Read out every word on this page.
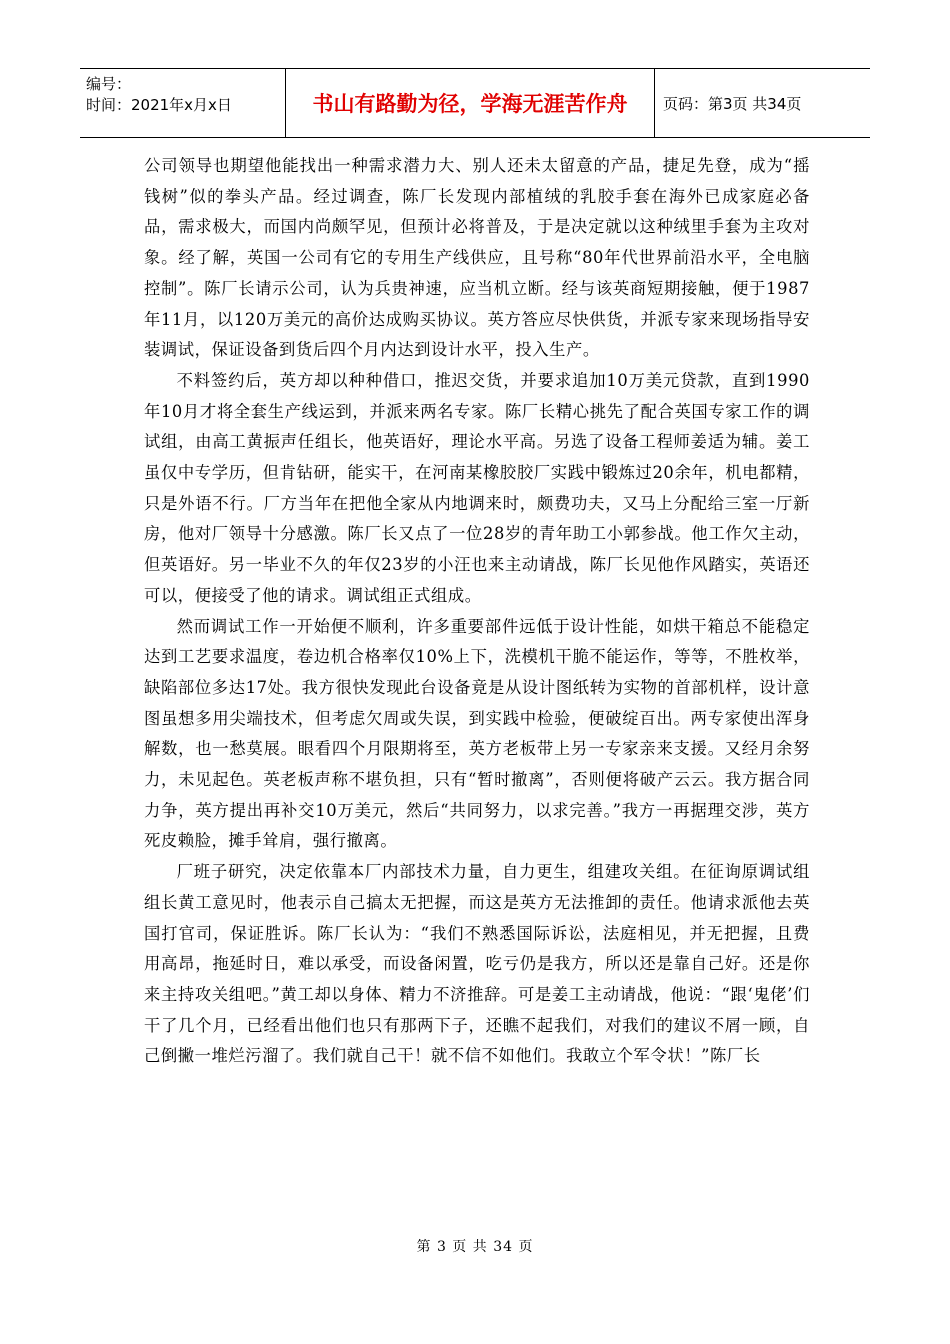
编号：
时间：2021年x月x日	书山有路勤为径，学海无涯苦作舟	页码：第3页 共34页

公司领导也期望他能找出一种需求潜力大、别人还未太留意的产品，捷足先登，成为“摇钱树”似的拳头产品。经过调查，陈厂长发现内部植绒的乳胶手套在海外已成家庭必备品，需求极大，而国内尚颇罕见，但预计必将普及，于是决定就以这种绒里手套为主攻对象。经了解，英国一公司有它的专用生产线供应，且号称“80年代世界前沿水平，全电脑控制”。陈厂长请示公司，认为兵贵神速，应当机立断。经与该英商短期接触，便于1987年11月，以120万美元的高价达成购买协议。英方答应尽快供货，并派专家来现场指导安装调试，保证设备到货后四个月内达到设计水平，投入生产。

不料签约后，英方却以种种借口，推迟交货，并要求追加10万美元贷款，直到1990年10月才将全套生产线运到，并派来两名专家。陈厂长精心挑先了配合英国专家工作的调试组，由高工黄振声任组长，他英语好，理论水平高。另选了设备工程师姜适为辅。姜工虽仅中专学历，但肯钻研，能实干，在河南某橡胶胶厂实践中锻炼过20余年，机电都精，只是外语不行。厂方当年在把他全家从内地调来时，颇费功夫，又马上分配给三室一厅新房，他对厂领导十分感激。陈厂长又点了一位28岁的青年助工小郭参战。他工作欠主动，但英语好。另一毕业不久的年仅23岁的小汪也来主动请战，陈厂长见他作风踏实，英语还可以，便接受了他的请求。调试组正式组成。

然而调试工作一开始便不顺利，许多重要部件远低于设计性能，如烘干箱总不能稳定达到工艺要求温度，卷边机合格率仅10%上下，洗模机干脆不能运作，等等，不胜枚举，缺陷部位多达17处。我方很快发现此台设备竟是从设计图纸转为实物的首部机样，设计意图虽想多用尖端技术，但考虑欠周或失误，到实践中检验，便破绽百出。两专家使出浑身解数，也一愁莫展。眼看四个月限期将至，英方老板带上另一专家亲来支援。又经月余努力，未见起色。英老板声称不堪负担，只有“暂时撤离”，否则便将破产云云。我方据合同力争，英方提出再补交10万美元，然后“共同努力，以求完善。”我方一再据理交涉，英方死皮赖脸，摊手耸肩，强行撤离。

厂班子研究，决定依靠本厂内部技术力量，自力更生，组建攻关组。在征询原调试组组长黄工意见时，他表示自己搞太无把握，而这是英方无法推卸的责任。他请求派他去英国打官司，保证胜诉。陈厂长认为：“我们不熟悉国际诉讼，法庭相见，并无把握，且费用高昂，拖延时日，难以承受，而设备闲置，吃亏仍是我方，所以还是靠自己好。还是你来主持攻关组吧。”黄工却以身体、精力不济推辞。可是姜工主动请战，他说：“跟‘鬼佬’们干了几个月，已经看出他们也只有那两下子，还瞧不起我们，对我们的建议不屑一顾，自己倒撇一堆烂污溜了。我们就自己干！就不信不如他们。我敢立个军令状！”陈厂长

第 3 页 共 34 页
